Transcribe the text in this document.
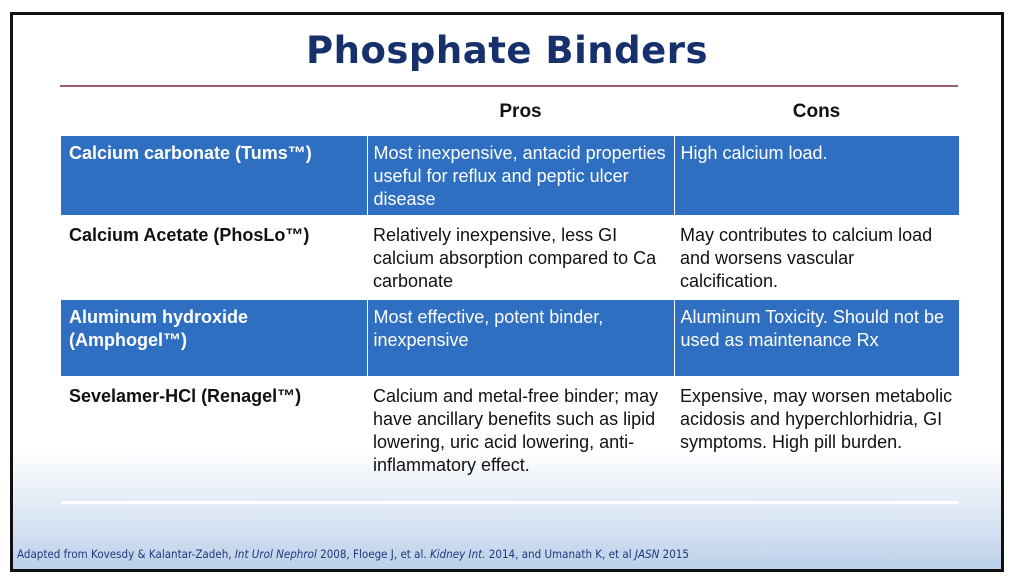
Phosphate Binders
	Pros	Cons
Calcium carbonate (Tums™)	Most inexpensive, antacid properties useful for reflux and peptic ulcer disease	High calcium load.
Calcium Acetate (PhosLo™)	Relatively inexpensive, less GI calcium absorption compared to Ca carbonate	May contributes to calcium load and worsens vascular calcification.
Aluminum hydroxide (Amphogel™)	Most effective, potent binder, inexpensive	Aluminum Toxicity. Should not be used as maintenance Rx
Sevelamer-HCl (Renagel™)	Calcium and metal-free binder; may have ancillary benefits such as lipid lowering, uric acid lowering, anti-inflammatory effect.	Expensive, may worsen metabolic acidosis and hyperchlorhidria, GI symptoms. High pill burden.
Adapted from Kovesdy & Kalantar-Zadeh, Int Urol Nephrol 2008, Floege J, et al. Kidney Int. 2014, and Umanath K, et al JASN 2015
